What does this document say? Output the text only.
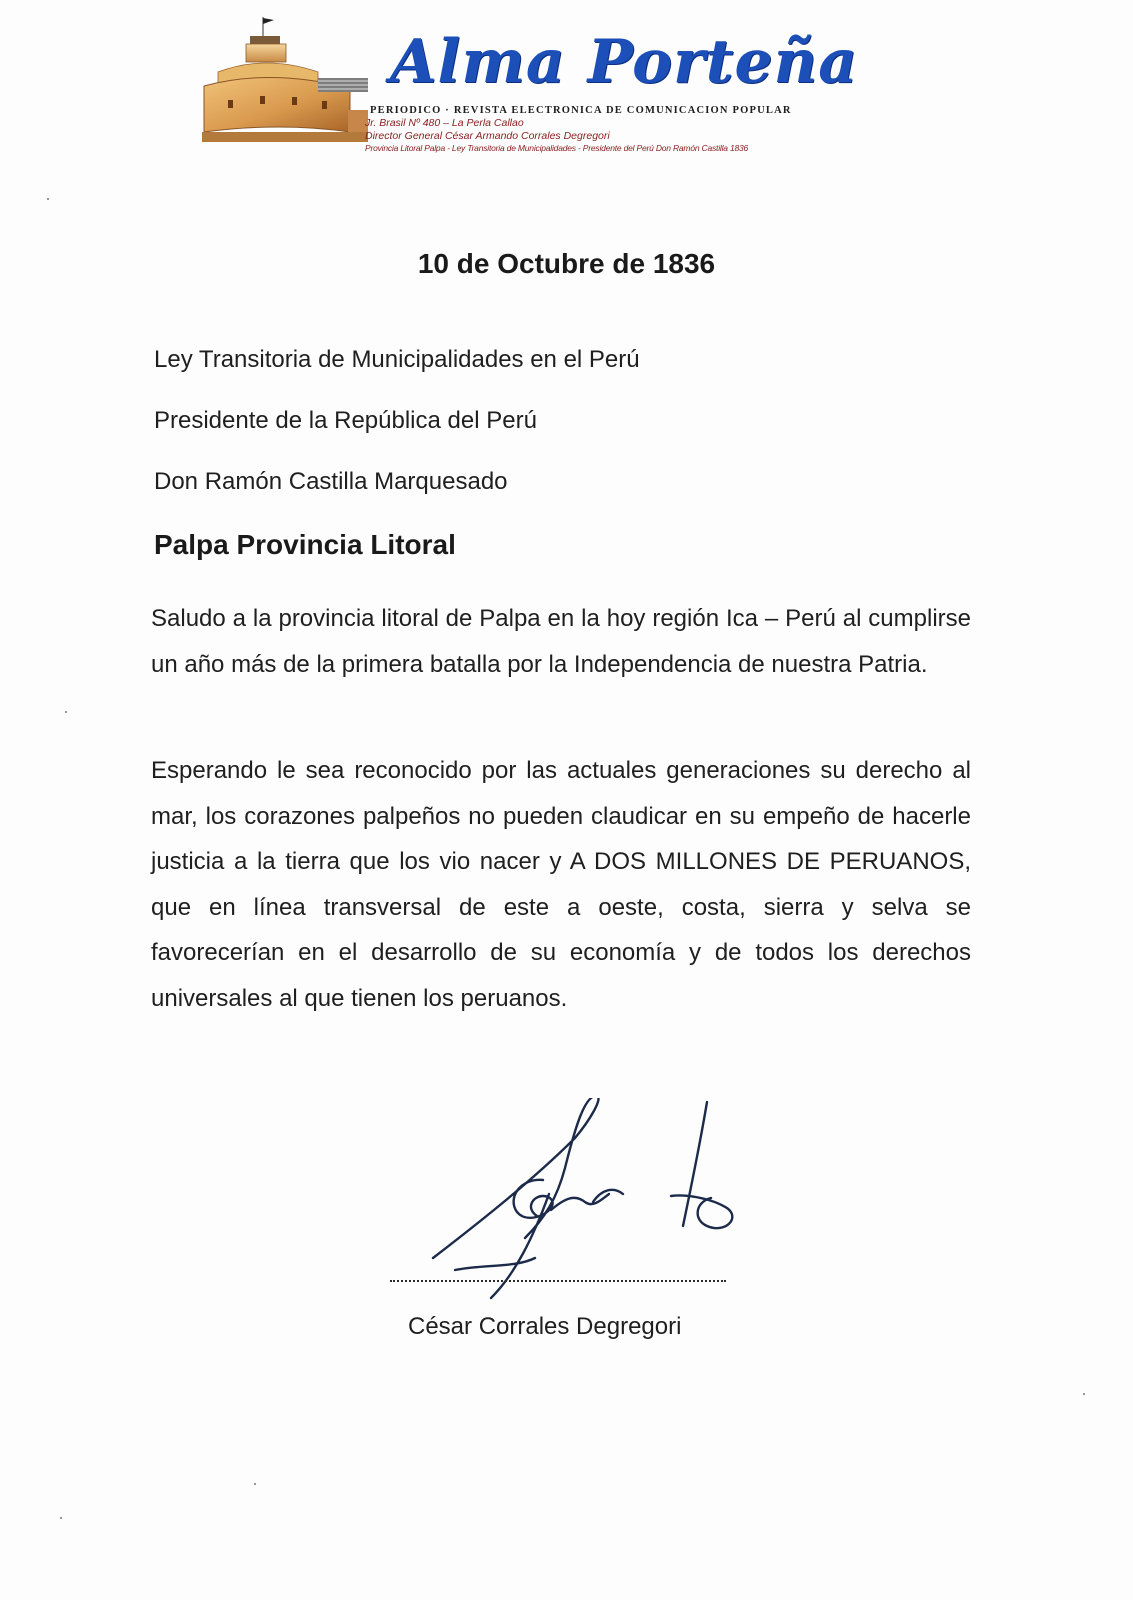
Alma Porteña
PERIODICO · REVISTA ELECTRONICA DE COMUNICACION POPULAR
Jr. Brasil Nº 480 – La Perla Callao
Director General César Armando Corrales Degregori
Provincia Litoral Palpa - Ley Transitoria de Municipalidades - Presidente del Perú Don Ramón Castilla 1836
10 de Octubre de 1836
Ley Transitoria de Municipalidades en el Perú
Presidente de la República del Perú
Don Ramón Castilla Marquesado
Palpa Provincia Litoral

Saludo a la provincia litoral de Palpa en la hoy región Ica – Perú al cumplirse un año más de la primera batalla por la Independencia de nuestra Patria.

Esperando le sea reconocido por las actuales generaciones su derecho al mar, los corazones palpeños no pueden claudicar en su empeño de hacerle justicia a la tierra que los vio nacer y A DOS MILLONES DE PERUANOS, que en línea transversal de este a oeste, costa, sierra y selva se favorecerían en el desarrollo de su economía y de todos los derechos universales al que tienen los peruanos.

César Corrales Degregori
